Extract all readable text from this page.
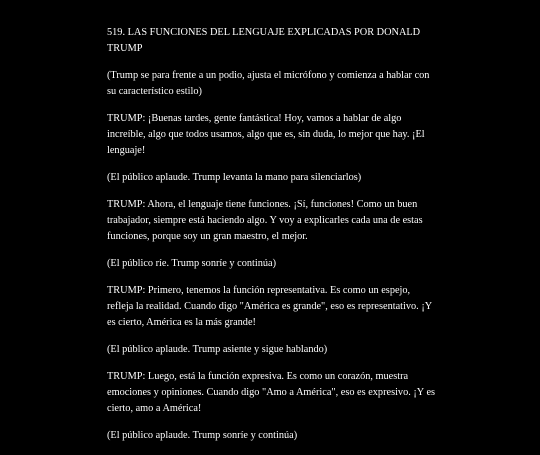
519. LAS FUNCIONES DEL LENGUAJE EXPLICADAS POR DONALD TRUMP

(Trump se para frente a un podio, ajusta el micrófono y comienza a hablar con su característico estilo)

TRUMP: ¡Buenas tardes, gente fantástica! Hoy, vamos a hablar de algo increíble, algo que todos usamos, algo que es, sin duda, lo mejor que hay. ¡El lenguaje!

(El público aplaude. Trump levanta la mano para silenciarlos)

TRUMP: Ahora, el lenguaje tiene funciones. ¡Sí, funciones! Como un buen trabajador, siempre está haciendo algo. Y voy a explicarles cada una de estas funciones, porque soy un gran maestro, el mejor.

(El público ríe. Trump sonríe y continúa)

TRUMP: Primero, tenemos la función representativa. Es como un espejo, refleja la realidad. Cuando digo "América es grande", eso es representativo. ¡Y es cierto, América es la más grande!

(El público aplaude. Trump asiente y sigue hablando)

TRUMP: Luego, está la función expresiva. Es como un corazón, muestra emociones y opiniones. Cuando digo "Amo a América", eso es expresivo. ¡Y es cierto, amo a América!

(El público aplaude. Trump sonríe y continúa)
